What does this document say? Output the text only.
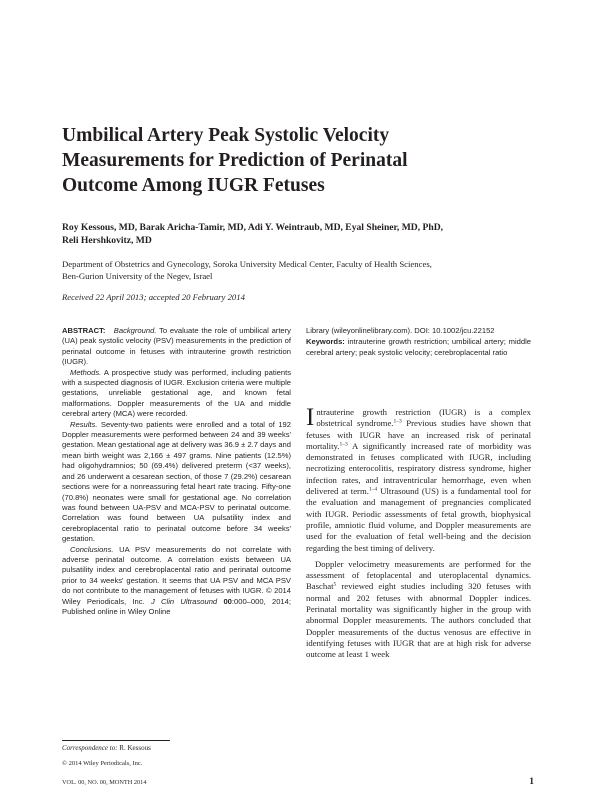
Umbilical Artery Peak Systolic Velocity
Measurements for Prediction of Perinatal
Outcome Among IUGR Fetuses
Roy Kessous, MD, Barak Aricha-Tamir, MD, Adi Y. Weintraub, MD, Eyal Sheiner, MD, PhD,
Reli Hershkovitz, MD
Department of Obstetrics and Gynecology, Soroka University Medical Center, Faculty of Health Sciences,
Ben-Gurion University of the Negev, Israel
Received 22 April 2013; accepted 20 February 2014

ABSTRACT: Background. To evaluate the role of umbilical artery (UA) peak systolic velocity (PSV) measurements in the prediction of perinatal outcome in fetuses with intrauterine growth restriction (IUGR).

Methods. A prospective study was performed, including patients with a suspected diagnosis of IUGR. Exclusion criteria were multiple gestations, unreliable gestational age, and known fetal malformations. Doppler measurements of the UA and middle cerebral artery (MCA) were recorded.

Results. Seventy-two patients were enrolled and a total of 192 Doppler measurements were performed between 24 and 39 weeks' gestation. Mean gestational age at delivery was 36.9 ± 2.7 days and mean birth weight was 2,166 ± 497 grams. Nine patients (12.5%) had oligohydramnios; 50 (69.4%) delivered preterm (<37 weeks), and 26 underwent a cesarean section, of those 7 (29.2%) cesarean sections were for a nonreassuring fetal heart rate tracing. Fifty-one (70.8%) neonates were small for gestational age. No correlation was found between UA-PSV and MCA-PSV to perinatal outcome. Correlation was found between UA pulsatility index and cerebroplacental ratio to perinatal outcome before 34 weeks' gestation.

Conclusions. UA PSV measurements do not correlate with adverse perinatal outcome. A correlation exists between UA pulsatility index and cerebroplacental ratio and perinatal outcome prior to 34 weeks' gestation. It seems that UA PSV and MCA PSV do not contribute to the management of fetuses with IUGR. © 2014 Wiley Periodicals, Inc. J Clin Ultrasound 00:000–000, 2014; Published online in Wiley Online

Library (wileyonlinelibrary.com). DOI: 10.1002/jcu.22152

Keywords: intrauterine growth restriction; umbilical artery; middle cerebral artery; peak systolic velocity; cerebroplacental ratio

Intrauterine growth restriction (IUGR) is a complex obstetrical syndrome.$^{1-3}$ Previous studies have shown that fetuses with IUGR have an increased risk of perinatal mortality.$^{1-3}$ A significantly increased rate of morbidity was demonstrated in fetuses complicated with IUGR, including necrotizing enterocolitis, respiratory distress syndrome, higher infection rates, and intraventricular hemorrhage, even when delivered at term.$^{1-4}$ Ultrasound (US) is a fundamental tool for the evaluation and management of pregnancies complicated with IUGR. Periodic assessments of fetal growth, biophysical profile, amniotic fluid volume, and Doppler measurements are used for the evaluation of fetal well-being and the decision regarding the best timing of delivery.

Doppler velocimetry measurements are performed for the assessment of fetoplacental and uteroplacental dynamics. Baschat$^5$ reviewed eight studies including 320 fetuses with normal and 202 fetuses with abnormal Doppler indices. Perinatal mortality was significantly higher in the group with abnormal Doppler measurements. The authors concluded that Doppler measurements of the ductus venosus are effective in identifying fetuses with IUGR that are at high risk for adverse outcome at least 1 week

Correspondence to: R. Kessous
© 2014 Wiley Periodicals, Inc.
VOL. 00, NO. 00, MONTH 2014	1
